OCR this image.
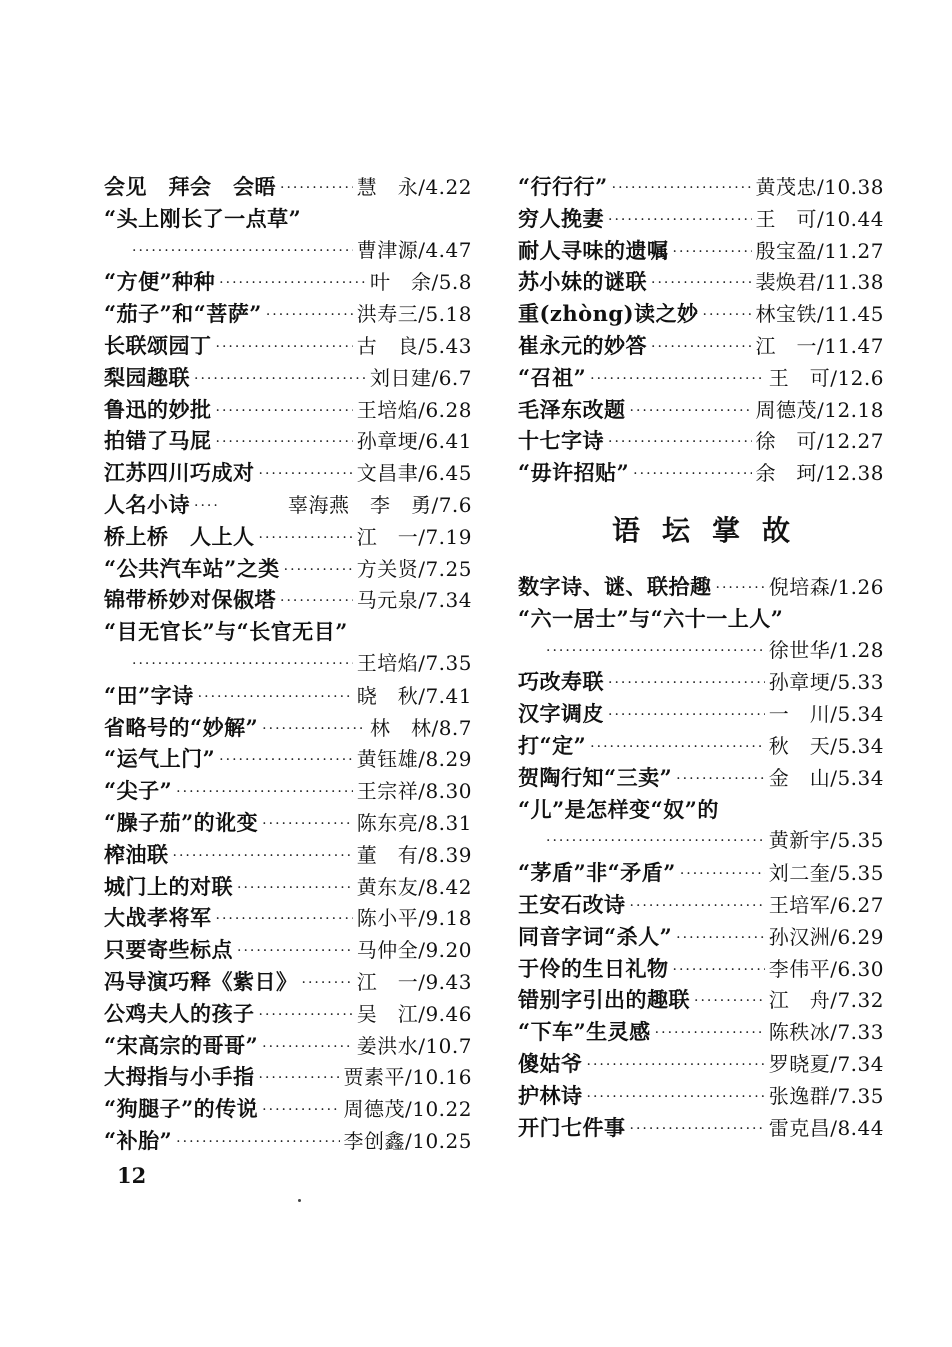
会见　拜会　会晤 ·····	慧　永/4.22
“头上刚长了一点草”
·····
曹津源/4.47
“方便”种种 ·····	叶　余/5.8
“茄子”和“菩萨” ·····	洪寿三/5.18
长联颂园丁 ·····	古　良/5.43
梨园趣联 ·····	刘日建/6.7
鲁迅的妙批 ·····	王培焰/6.28
拍错了马屁 ·····	孙章埂/6.41
江苏四川巧成对 ·····	文昌聿/6.45
人名小诗 ·····	辜海燕　李　勇/7.6
桥上桥　人上人 ·····	江　一/7.19
“公共汽车站”之类 ·····	方关贤/7.25
锦带桥妙对保俶塔 ·····	马元泉/7.34
“目无官长”与“长官无目”
·····
王培焰/7.35
“田”字诗 ·····	晓　秋/7.41
省略号的“妙解” ·····	林　林/8.7
“运气上门” ·····	黄钰雄/8.29
“尖子” ·····	王宗祥/8.30
“臊子茄”的讹变 ·····	陈东亮/8.31
榨油联 ·····	董　有/8.39
城门上的对联 ·····	黄东友/8.42
大战孝将军 ·····	陈小平/9.18
只要寄些标点 ·····	马仲全/9.20
冯导演巧释《紫日》 ·····	江　一/9.43
公鸡夫人的孩子 ·····	吴　江/9.46
“宋高宗的哥哥” ·····	姜洪水/10.7
大拇指与小手指 ·····	贾素平/10.16
“狗腿子”的传说 ·····	周德茂/10.22
“补胎” ·····	李创鑫/10.25
“行行行” ·····	黄茂忠/10.38
穷人挽妻 ·····	王　可/10.44
耐人寻味的遗嘱 ·····	殷宝盈/11.27
苏小妹的谜联 ·····	裴焕君/11.38
重(zhòng)读之妙 ·····	林宝铁/11.45
崔永元的妙答 ·····	江　一/11.47
“召祖” ·····	王　可/12.6
毛泽东改题 ·····	周德茂/12.18
十七字诗 ·····	徐　可/12.27
“毋许招贴” ·····	余　珂/12.38
语坛掌故
数字诗、谜、联拾趣 ·····	倪培森/1.26
“六一居士”与“六十一上人”
·····
徐世华/1.28
巧改寿联 ·····	孙章埂/5.33
汉字调皮 ·····	一　川/5.34
打“定” ·····	秋　天/5.34
贺陶行知“三卖” ·····	金　山/5.34
“儿”是怎样变“奴”的
·····
黄新宇/5.35
“茅盾”非“矛盾” ·····	刘二奎/5.35
王安石改诗 ·····	王培军/6.27
同音字词“杀人” ·····	孙汉洲/6.29
于伶的生日礼物 ·····	李伟平/6.30
错别字引出的趣联 ·····	江　舟/7.32
“下车”生灵感 ·····	陈秩冰/7.33
傻姑爷 ·····	罗晓夏/7.34
护林诗 ·····	张逸群/7.35
开门七件事 ·····	雷克昌/8.44
12
